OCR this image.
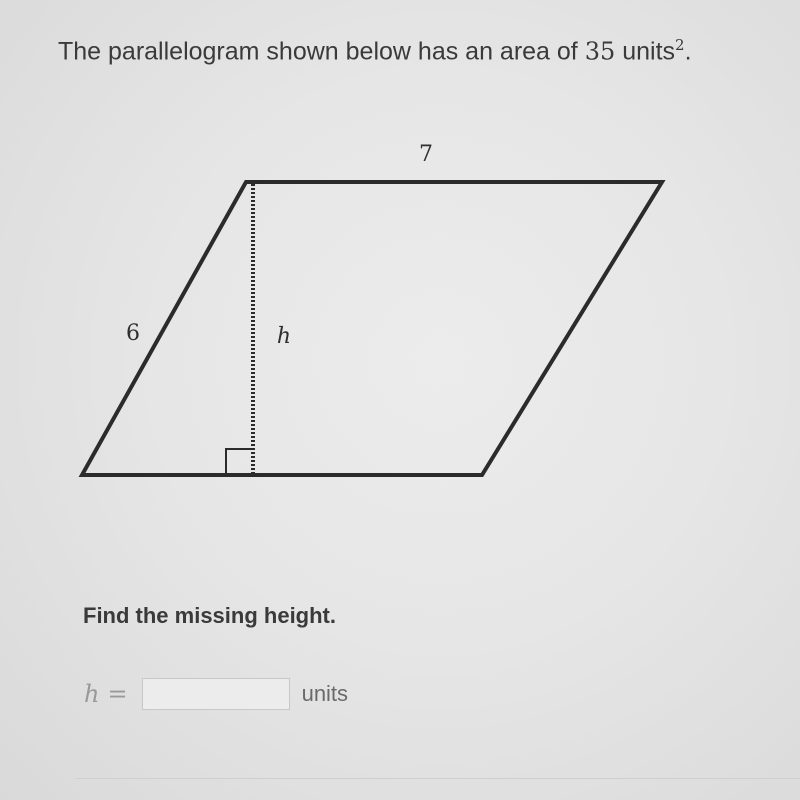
The parallelogram shown below has an area of 35 units$^2$.
7
6	h
Find the missing height.
h =	units
